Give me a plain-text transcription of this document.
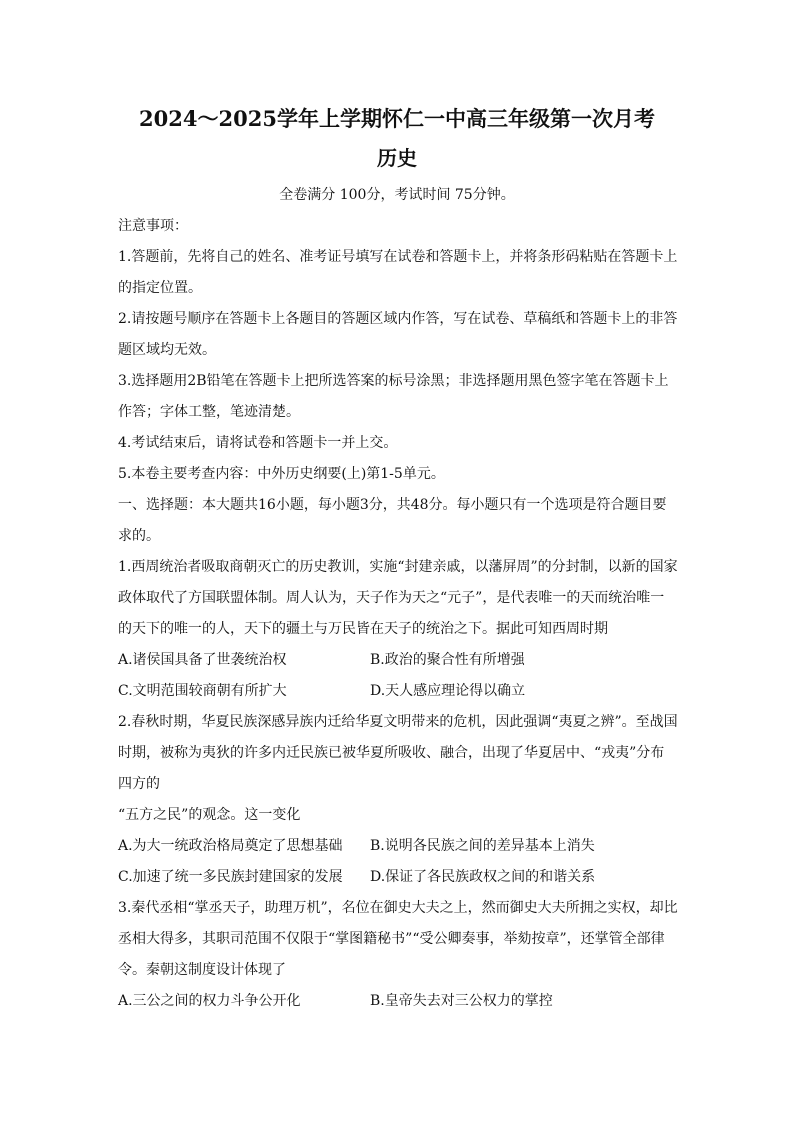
2024～2025学年上学期怀仁一中高三年级第一次月考
历史
全卷满分 100分，考试时间 75分钟。

注意事项：

1.答题前，先将自己的姓名、准考证号填写在试卷和答题卡上，并将条形码粘贴在答题卡上的指定位置。

2.请按题号顺序在答题卡上各题目的答题区域内作答，写在试卷、草稿纸和答题卡上的非答题区域均无效。

3.选择题用2B铅笔在答题卡上把所选答案的标号涂黑；非选择题用黑色签字笔在答题卡上作答；字体工整，笔迹清楚。

4.考试结束后，请将试卷和答题卡一并上交。

5.本卷主要考查内容：中外历史纲要(上)第1-5单元。

一、选择题：本大题共16小题，每小题3分，共48分。每小题只有一个选项是符合题目要求的。

1.西周统治者吸取商朝灭亡的历史教训，实施“封建亲戚，以藩屏周”的分封制，以新的国家政体取代了方国联盟体制。周人认为，天子作为天之“元子”，是代表唯一的天而统治唯一的天下的唯一的人，天下的疆土与万民皆在天子的统治之下。据此可知西周时期

A.诸侯国具备了世袭统治权	B.政治的聚合性有所增强
C.文明范围较商朝有所扩大	D.天人感应理论得以确立

2.春秋时期，华夏民族深感异族内迁给华夏文明带来的危机，因此强调“夷夏之辨”。至战国时期，被称为夷狄的许多内迁民族已被华夏所吸收、融合，出现了华夏居中、“戎夷”分布四方的

“五方之民”的观念。这一变化

A.为大一统政治格局奠定了思想基础	B.说明各民族之间的差异基本上消失
C.加速了统一多民族封建国家的发展	D.保证了各民族政权之间的和谐关系

3.秦代丞相“掌丞天子，助理万机”，名位在御史大夫之上，然而御史大夫所拥之实权，却比丞相大得多，其职司范围不仅限于“掌图籍秘书”“受公卿奏事，举劾按章”，还掌管全部律令。秦朝这制度设计体现了

A.三公之间的权力斗争公开化	B.皇帝失去对三公权力的掌控
